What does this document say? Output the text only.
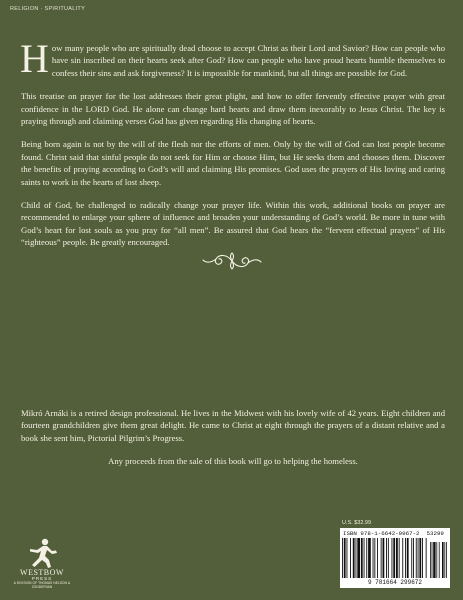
RELIGION · SPIRITUALITY

How many people who are spiritually dead choose to accept Christ as their Lord and Savior? How can people who have sin inscribed on their hearts seek after God? How can people who have proud hearts humble themselves to confess their sins and ask forgiveness? It is impossible for mankind, but all things are possible for God.

This treatise on prayer for the lost addresses their great plight, and how to offer fervently effective prayer with great confidence in the LORD God. He alone can change hard hearts and draw them inexorably to Jesus Christ. The key is praying through and claiming verses God has given regarding His changing of hearts.

Being born again is not by the will of the flesh nor the efforts of men. Only by the will of God can lost people become found. Christ said that sinful people do not seek for Him or choose Him, but He seeks them and chooses them. Discover the benefits of praying according to God’s will and claiming His promises. God uses the prayers of His loving and caring saints to work in the hearts of lost sheep.

Child of God, be challenged to radically change your prayer life. Within this work, additional books on prayer are recommended to enlarge your sphere of influence and broaden your understanding of God’s world. Be more in tune with God’s heart for lost souls as you pray for “all men”. Be assured that God hears the “fervent effectual prayers” of His “righteous” people. Be greatly encouraged.

Mikró Arnáki is a retired design professional. He lives in the Midwest with his lovely wife of 42 years. Eight children and fourteen grandchildren give them great delight. He came to Christ at eight through the prayers of a distant relative and a book she sent him, Pictorial Pilgrim’s Progress.

Any proceeds from the sale of this book will go to helping the homeless.

U.S. $32.99
ISBN 978-1-6642-9967-2 53299
9 781664 299672
WESTBOW
PRESS
A DIVISION OF THOMAS NELSON & ZONDERVAN
